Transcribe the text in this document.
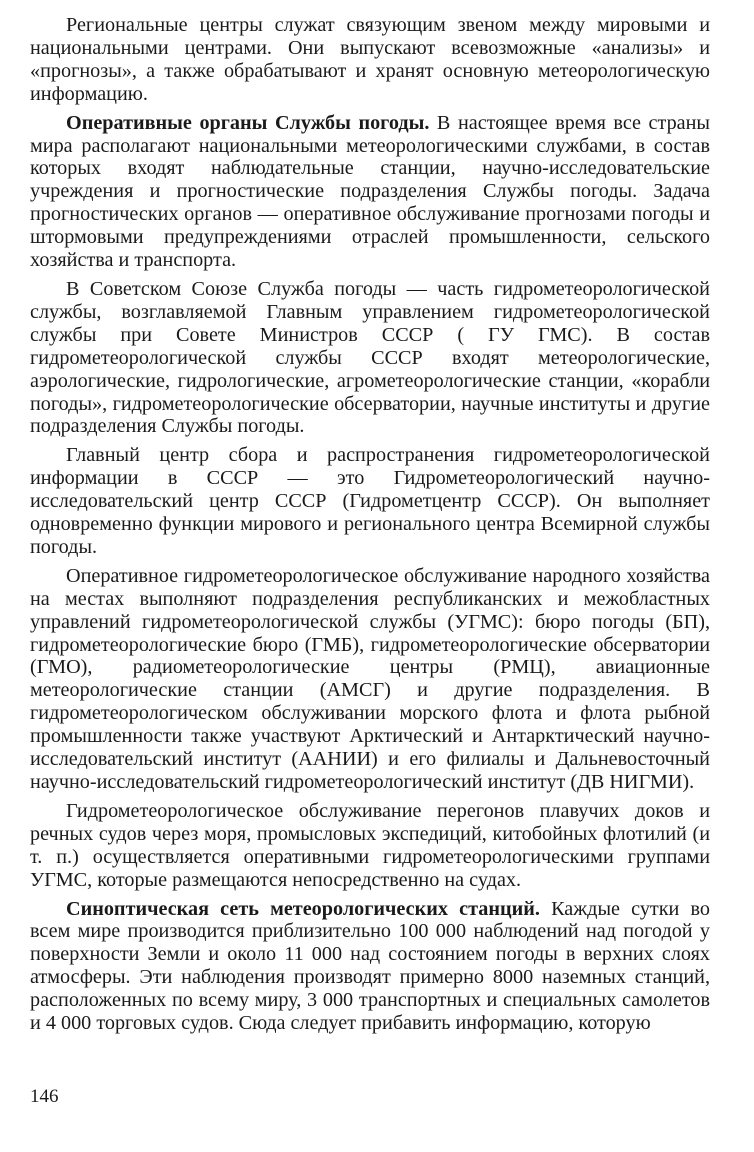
Региональные центры служат связующим звеном между мировыми и национальными центрами. Они выпускают всевозможные «анализы» и «прогнозы», а также обрабатывают и хранят основную метеорологическую информацию.

Оперативные органы Службы погоды. В настоящее время все страны мира располагают национальными метеорологическими службами, в состав которых входят наблюдательные станции, научно-исследовательские учреждения и прогностические подразделения Службы погоды. Задача прогностических органов — оперативное обслуживание прогнозами погоды и штормовыми предупреждениями отраслей промышленности, сельского хозяйства и транспорта.

В Советском Союзе Служба погоды — часть гидрометеорологической службы, возглавляемой Главным управлением гидрометеорологической службы при Совете Министров СССР ( ГУ ГМС). В состав гидрометеорологической службы СССР входят метеорологические, аэрологические, гидрологические, агрометеорологические станции, «корабли погоды», гидрометеорологические обсерватории, научные институты и другие подразделения Службы погоды.

Главный центр сбора и распространения гидрометеорологической информации в СССР — это Гидрометеорологический научно-исследовательский центр СССР (Гидрометцентр СССР). Он выполняет одновременно функции мирового и регионального центра Всемирной службы погоды.

Оперативное гидрометеорологическое обслуживание народного хозяйства на местах выполняют подразделения республиканских и межобластных управлений гидрометеорологической службы (УГМС): бюро погоды (БП), гидрометеорологические бюро (ГМБ), гидрометеорологические обсерватории (ГМО), радиометеорологические центры (РМЦ), авиационные метеорологические станции (АМСГ) и другие подразделения. В гидрометеорологическом обслуживании морского флота и флота рыбной промышленности также участвуют Арктический и Антарктический научно-исследовательский институт (ААНИИ) и его филиалы и Дальневосточный научно-исследовательский гидрометеорологический институт (ДВ НИГМИ).

Гидрометеорологическое обслуживание перегонов плавучих доков и речных судов через моря, промысловых экспедиций, китобойных флотилий (и т. п.) осуществляется оперативными гидрометеорологическими группами УГМС, которые размещаются непосредственно на судах.

Синоптическая сеть метеорологических станций. Каждые сутки во всем мире производится приблизительно 100 000 наблюдений над погодой у поверхности Земли и около 11 000 над состоянием погоды в верхних слоях атмосферы. Эти наблюдения производят примерно 8000 наземных станций, расположенных по всему миру, 3 000 транспортных и специальных самолетов и 4 000 торговых судов. Сюда следует прибавить информацию, которую

146
